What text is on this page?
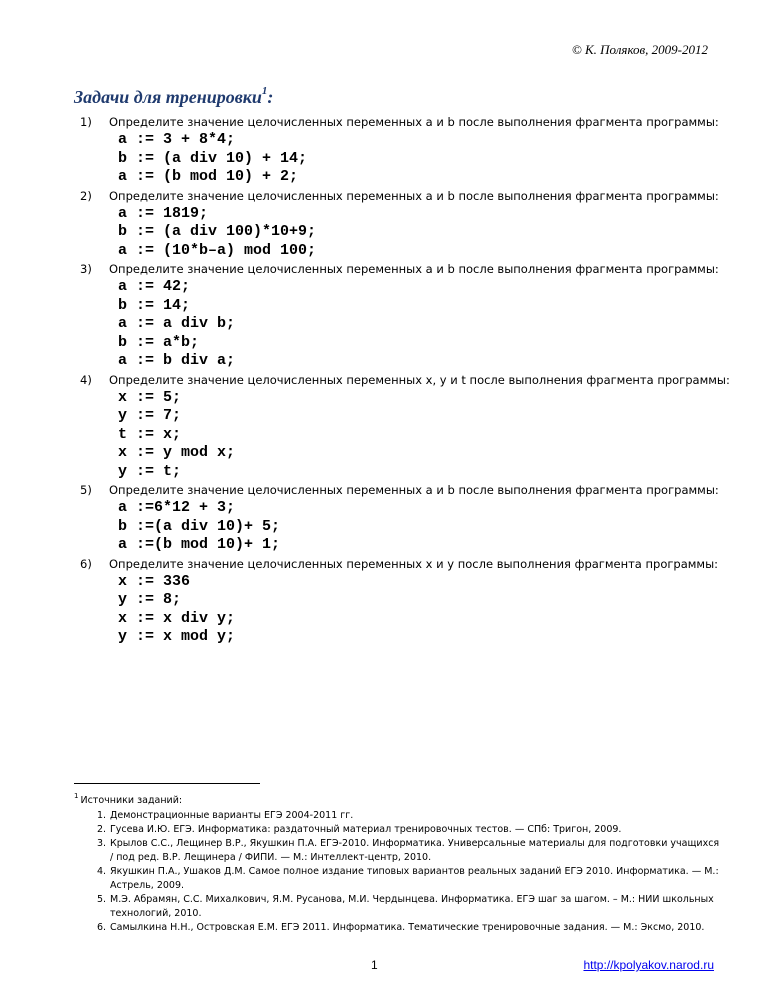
© К. Поляков, 2009-2012
Задачи для тренировки$^1$:
1) Определите значение целочисленных переменных a и b после выполнения фрагмента программы:
a := 3 + 8*4;
b := (a div 10) + 14;
a := (b mod 10) + 2;
2) Определите значение целочисленных переменных a и b после выполнения фрагмента программы:
a := 1819;
b := (a div 100)*10+9;
a := (10*b–a) mod 100;
3) Определите значение целочисленных переменных a и b после выполнения фрагмента программы:
a := 42;
b := 14;
a := a div b;
b := a*b;
a := b div a;
4) Определите значение целочисленных переменных x, y и t после выполнения фрагмента программы:
x := 5;
y := 7;
t := x;
x := y mod x;
y := t;
5) Определите значение целочисленных переменных a и b после выполнения фрагмента программы:
a :=6*12 + 3;
b :=(a div 10)+ 5;
a :=(b mod 10)+ 1;
6) Определите значение целочисленных переменных x и y после выполнения фрагмента программы:
x := 336
y := 8;
x := x div y;
y := x mod y;
$^1$ Источники заданий:
1. Демонстрационные варианты ЕГЭ 2004-2011 гг.
2. Гусева И.Ю. ЕГЭ. Информатика: раздаточный материал тренировочных тестов. — СПб: Тригон, 2009.
3. Крылов С.С., Лещинер В.Р., Якушкин П.А. ЕГЭ-2010. Информатика. Универсальные материалы для подготовки учащихся / под ред. В.Р. Лещинера / ФИПИ. — М.: Интеллект-центр, 2010.
4. Якушкин П.А., Ушаков Д.М. Самое полное издание типовых вариантов реальных заданий ЕГЭ 2010. Информатика. — М.: Астрель, 2009.
5. М.Э. Абрамян, С.С. Михалкович, Я.М. Русанова, М.И. Чердынцева. Информатика. ЕГЭ шаг за шагом. – М.: НИИ школьных технологий, 2010.
6. Самылкина Н.Н., Островская Е.М. ЕГЭ 2011. Информатика. Тематические тренировочные задания. — М.: Эксмо, 2010.
1	http://kpolyakov.narod.ru
